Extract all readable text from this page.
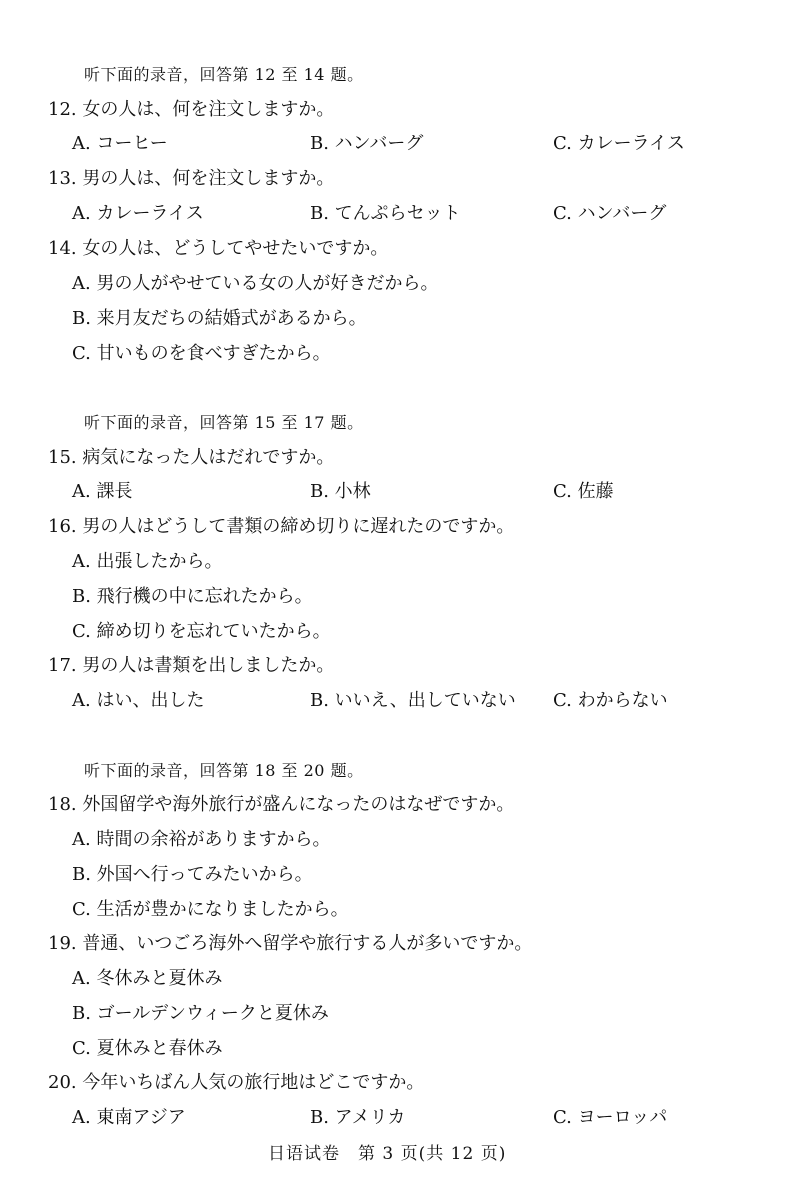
听下面的录音，回答第 12 至 14 题。
12. 女の人は、何を注文しますか。
A. コーヒー	B. ハンバーグ	C. カレーライス
13. 男の人は、何を注文しますか。
A. カレーライス	B. てんぷらセット	C. ハンバーグ
14. 女の人は、どうしてやせたいですか。
A. 男の人がやせている女の人が好きだから。
B. 来月友だちの結婚式があるから。
C. 甘いものを食べすぎたから。
听下面的录音，回答第 15 至 17 题。
15. 病気になった人はだれですか。
A. 課長	B. 小林	C. 佐藤
16. 男の人はどうして書類の締め切りに遅れたのですか。
A. 出張したから。
B. 飛行機の中に忘れたから。
C. 締め切りを忘れていたから。
17. 男の人は書類を出しましたか。
A. はい、出した	B. いいえ、出していない C. わからない
听下面的录音，回答第 18 至 20 题。
18. 外国留学や海外旅行が盛んになったのはなぜですか。
A. 時間の余裕がありますから。
B. 外国へ行ってみたいから。
C. 生活が豊かになりましたから。
19. 普通、いつごろ海外へ留学や旅行する人が多いですか。
A. 冬休みと夏休み
B. ゴールデンウィークと夏休み
C. 夏休みと春休み
20. 今年いちばん人気の旅行地はどこですか。
A. 東南アジア	B. アメリカ	C. ヨーロッパ
日语试卷　第 3 页(共 12 页)
